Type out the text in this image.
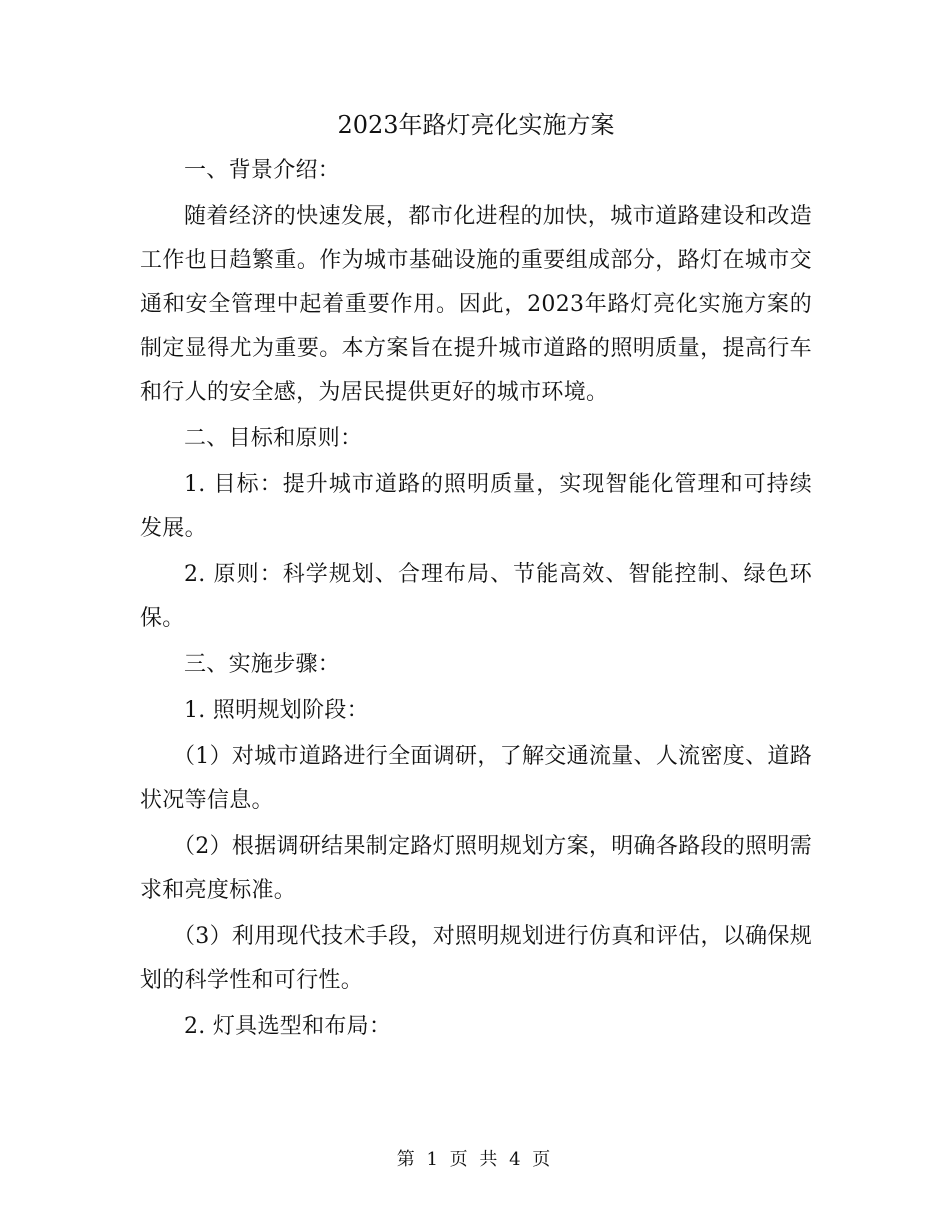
2023年路灯亮化实施方案

一、背景介绍：

随着经济的快速发展，都市化进程的加快，城市道路建设和改造工作也日趋繁重。作为城市基础设施的重要组成部分，路灯在城市交通和安全管理中起着重要作用。因此，2023年路灯亮化实施方案的制定显得尤为重要。本方案旨在提升城市道路的照明质量，提高行车和行人的安全感，为居民提供更好的城市环境。

二、目标和原则：

1. 目标：提升城市道路的照明质量，实现智能化管理和可持续发展。

2. 原则：科学规划、合理布局、节能高效、智能控制、绿色环保。

三、实施步骤：

1. 照明规划阶段：

（1）对城市道路进行全面调研，了解交通流量、人流密度、道路状况等信息。

（2）根据调研结果制定路灯照明规划方案，明确各路段的照明需求和亮度标准。

（3）利用现代技术手段，对照明规划进行仿真和评估，以确保规划的科学性和可行性。

2. 灯具选型和布局：

第 1 页 共 4 页
